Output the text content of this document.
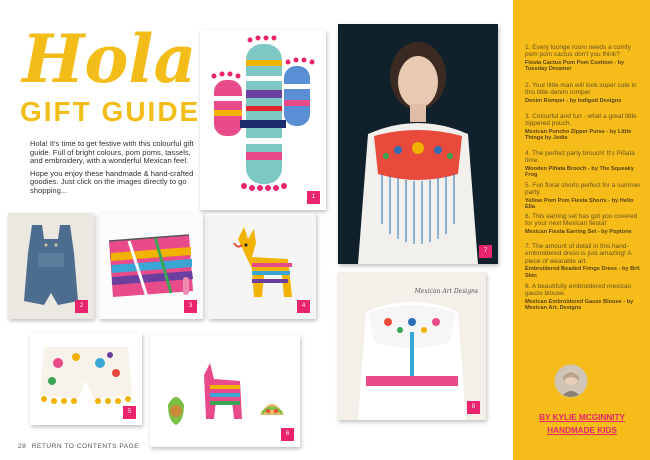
Hola
GIFT GUIDE

Hola! It's time to get festive with this colourful gift guide. Full of bright colours, pom poms, tassels, and embroidery, with a wonderful Mexican feel.

Hope you enjoy these handmade & hand-crafted goodies. Just click on the images directly to go shopping...

1
7
2	3	4
Mexican Art Designs
8
5
6
28 RETURN TO CONTENTS PAGE

1. Every lounge room needs a comfy pom pom cactus don't you think?

Fiesta Cactus Pom Pom Cushion - by Tuesday Dreamer

2. Your little man will look super cute in this little denim romper

Denim Romper - by Indigod Designs

3. Colourful and fun - what a great little zippered pouch.

Mexican Poncho Zipper Purse - by Little Things by Jodie

4. The perfect party brooch! It's Piñata time.

Wooden Piñata Brooch - by The Squeaky Frog

5. Fun floral shorts perfect for a summer party.

Yellow Pom Pom Fiesta Shorts - by Hello Ella

6. This earring set has got you covered for your next Mexican fiesta!

Mexican Fiesta Earring Set - by Poptone

7. The amount of detail in this hand-embroidered dress is just amazing! A piece of wearable art.

Embroidered Beaded Fringe Dress - by Brit Skin

8. A beautifully embroidered mexican gauze blouse.

Mexican Embroidered Gauze Blouse - by Mexican Art. Designs

BY KYLIE MCGINNITY
HANDMADE KIDS
